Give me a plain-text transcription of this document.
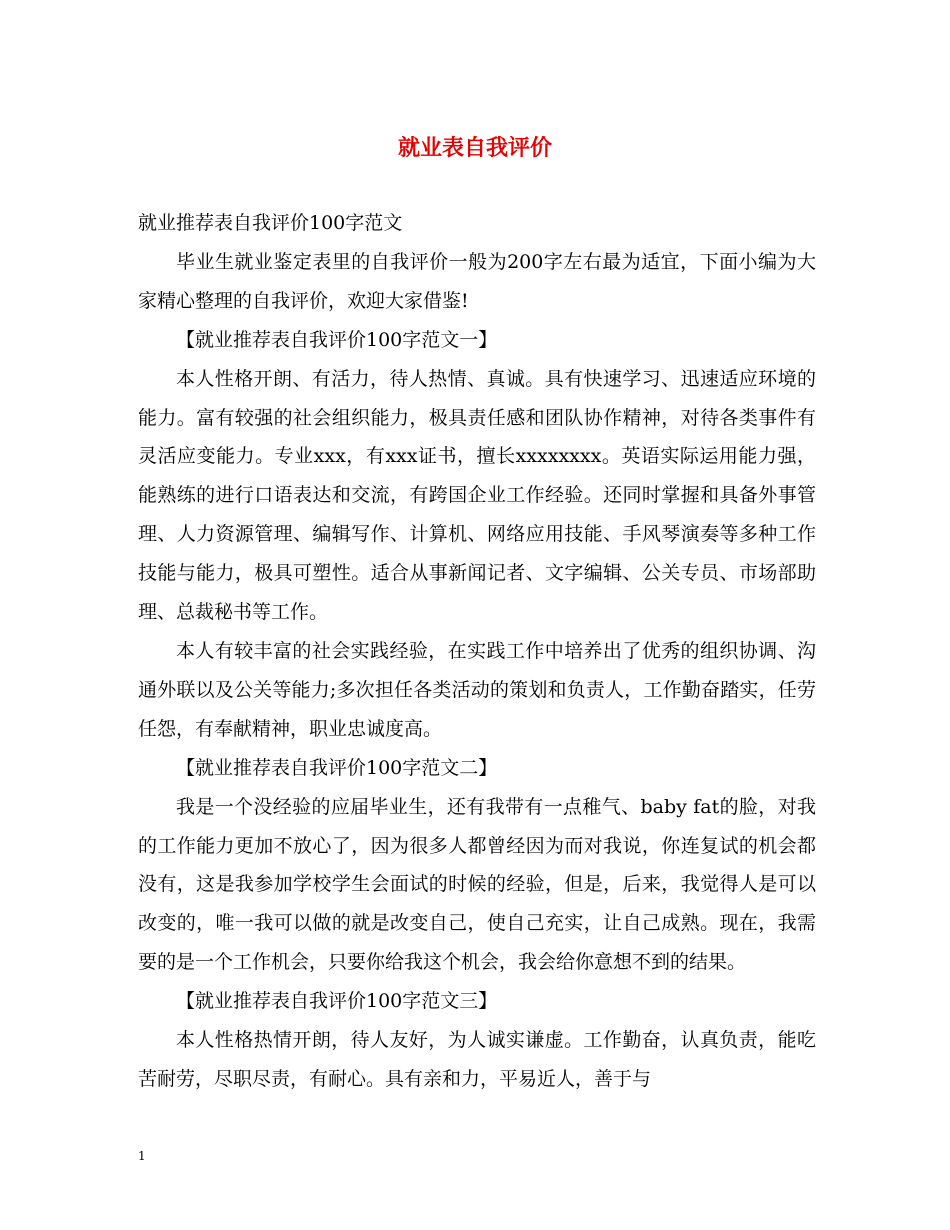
就业表自我评价

就业推荐表自我评价100字范文

毕业生就业鉴定表里的自我评价一般为200字左右最为适宜，下面小编为大家精心整理的自我评价，欢迎大家借鉴!

【就业推荐表自我评价100字范文一】

本人性格开朗、有活力，待人热情、真诚。具有快速学习、迅速适应环境的能力。富有较强的社会组织能力，极具责任感和团队协作精神，对待各类事件有灵活应变能力。专业xxx，有xxx证书，擅长xxxxxxxx。英语实际运用能力强，能熟练的进行口语表达和交流，有跨国企业工作经验。还同时掌握和具备外事管理、人力资源管理、编辑写作、计算机、网络应用技能、手风琴演奏等多种工作技能与能力，极具可塑性。适合从事新闻记者、文字编辑、公关专员、市场部助理、总裁秘书等工作。

本人有较丰富的社会实践经验，在实践工作中培养出了优秀的组织协调、沟通外联以及公关等能力;多次担任各类活动的策划和负责人，工作勤奋踏实，任劳任怨，有奉献精神，职业忠诚度高。

【就业推荐表自我评价100字范文二】

我是一个没经验的应届毕业生，还有我带有一点稚气、baby fat的脸，对我的工作能力更加不放心了，因为很多人都曾经因为而对我说，你连复试的机会都没有，这是我参加学校学生会面试的时候的经验，但是，后来，我觉得人是可以改变的，唯一我可以做的就是改变自己，使自己充实，让自己成熟。现在，我需要的是一个工作机会，只要你给我这个机会，我会给你意想不到的结果。

【就业推荐表自我评价100字范文三】

本人性格热情开朗，待人友好，为人诚实谦虚。工作勤奋，认真负责，能吃苦耐劳，尽职尽责，有耐心。具有亲和力，平易近人，善于与

1
